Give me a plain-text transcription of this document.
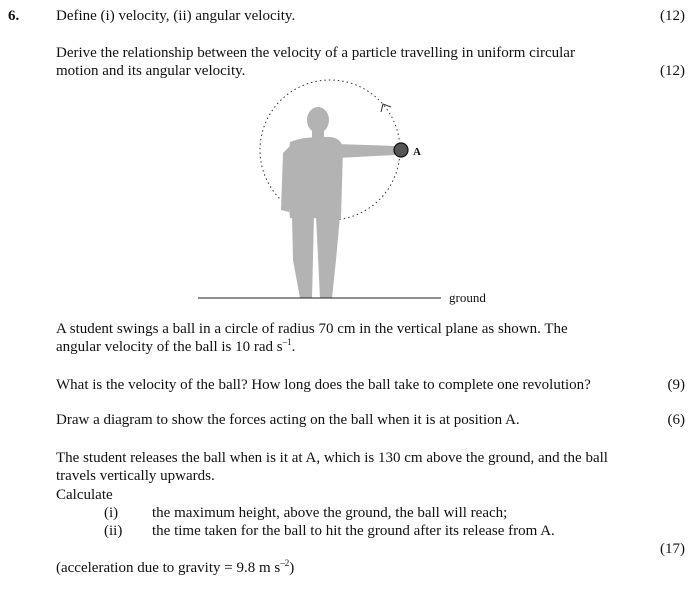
6. Define (i) velocity, (ii) angular velocity.	(12)
Derive the relationship between the velocity of a particle travelling in uniform circular
motion and its angular velocity.	(12)
A
ground
A student swings a ball in a circle of radius 70 cm in the vertical plane as shown. The
angular velocity of the ball is 10 rad $s^{-1}$.
What is the velocity of the ball? How long does the ball take to complete one revolution?	(9)
Draw a diagram to show the forces acting on the ball when it is at position A.	(6)
The student releases the ball when is it at A, which is 130 cm above the ground, and the ball
travels vertically upwards.
Calculate
(i) the maximum height, above the ground, the ball will reach;
(ii) the time taken for the ball to hit the ground after its release from A.
(17)
(acceleration due to gravity = 9.8 m $s^{-2}$)
